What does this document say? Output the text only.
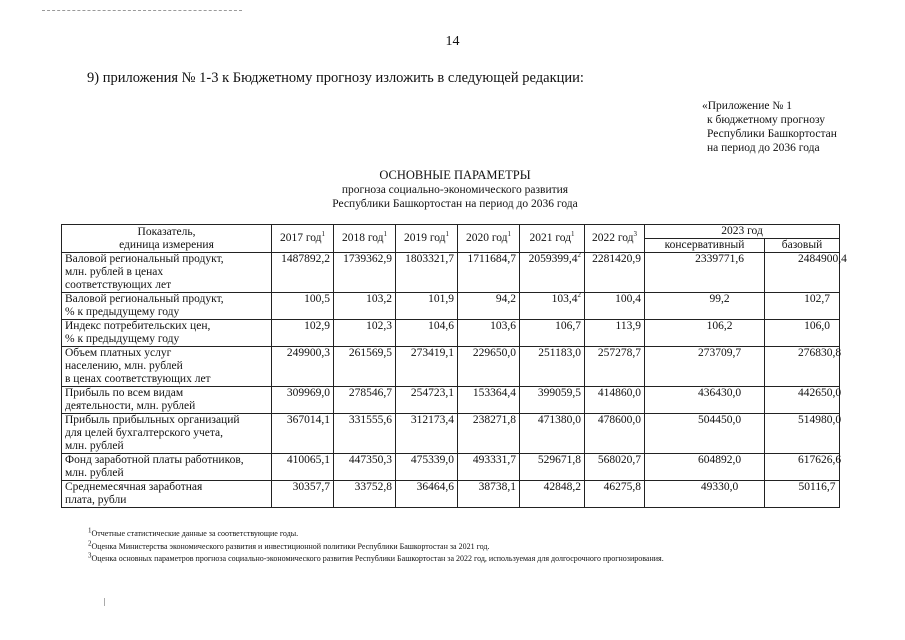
14
9) приложения № 1-3 к Бюджетному прогнозу изложить в следующей редакции:
«Приложение № 1
к бюджетному прогнозу
Республики Башкортостан
на период до 2036 года
ОСНОВНЫЕ ПАРАМЕТРЫ
прогноза социально-экономического развития
Республики Башкортостан на период до 2036 года
Показатель,
единица измерения	2017 год$^1$	2018 год$^1$	2019 год$^1$	2020 год$^1$	2021 год$^1$	2022 год$^3$	2023 год	
							консервативный	базовый

Валовой региональный продукт,
млн. рублей в ценах
соответствующих лет	1487892,2	1739362,9	1803321,7	1711684,7	2059399,4$^2$	2281420,9	2339771,6	2484900,4

Валовой региональный продукт,
% к предыдущему году	100,5	103,2	101,9	94,2	103,4$^2$	100,4	99,2	102,7

Индекс потребительских цен,
% к предыдущему году	102,9	102,3	104,6	103,6	106,7	113,9	106,2	106,0

Объем платных услуг
населению, млн. рублей
в ценах соответствующих лет	249900,3	261569,5	273419,1	229650,0	251183,0	257278,7	273709,7	276830,8

Прибыль по всем видам
деятельности, млн. рублей	309969,0	278546,7	254723,1	153364,4	399059,5	414860,0	436430,0	442650,0

Прибыль прибыльных организаций
для целей бухгалтерского учета,
млн. рублей	367014,1	331555,6	312173,4	238271,8	471380,0	478600,0	504450,0	514980,0

Фонд заработной платы работников,
млн. рублей	410065,1	447350,3	475339,0	493331,7	529671,8	568020,7	604892,0	617626,6

Среднемесячная заработная
плата, рубли	30357,7	33752,8	36464,6	38738,1	42848,2	46275,8	49330,0	50116,7
$^1$Отчетные статистические данные за соответствующие годы.
$^2$Оценка Министерства экономического развития и инвестиционной политики Республики Башкортостан за 2021 год.
$^3$Оценка основных параметров прогноза социально-экономического развития Республики Башкортостан за 2022 год, используемая для долгосрочного прогнозирования.
